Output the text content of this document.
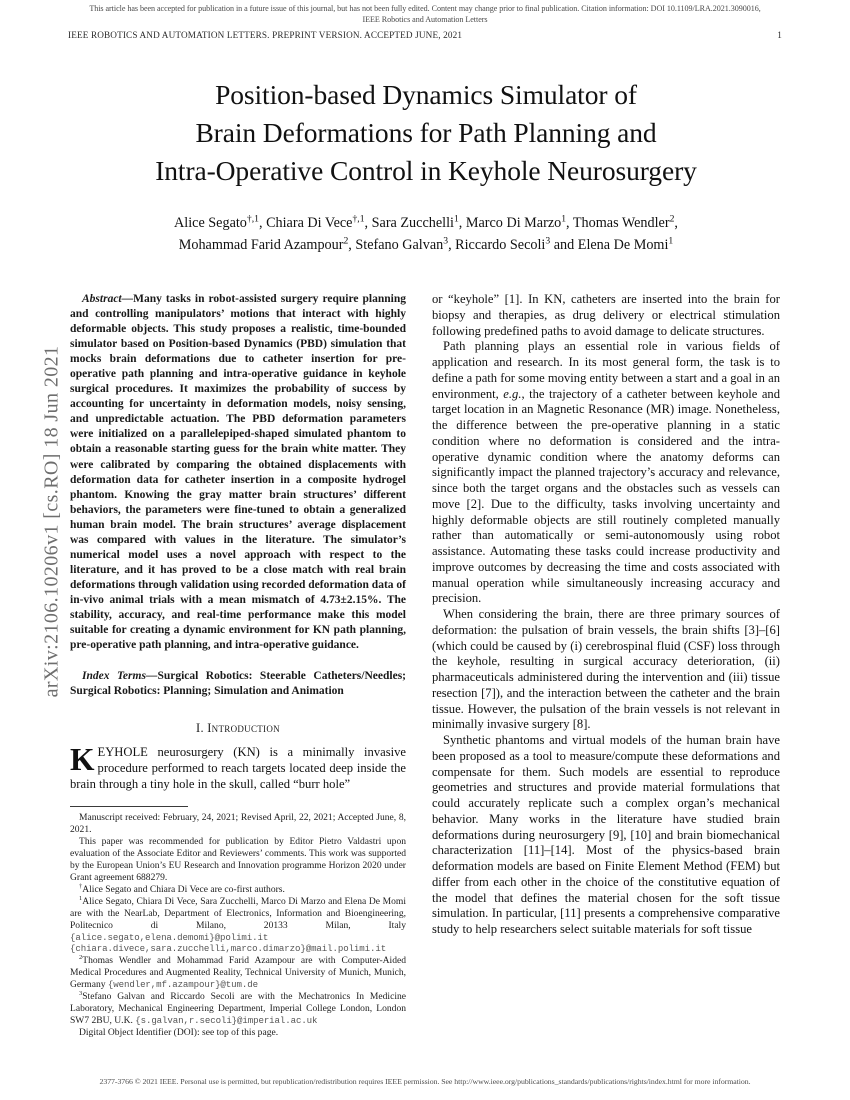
This article has been accepted for publication in a future issue of this journal, but has not been fully edited. Content may change prior to final publication. Citation information: DOI 10.1109/LRA.2021.3090016,
IEEE Robotics and Automation Letters
IEEE ROBOTICS AND AUTOMATION LETTERS. PREPRINT VERSION. ACCEPTED JUNE, 2021	1
arXiv:2106.10206v1 [cs.RO] 18 Jun 2021
Position-based Dynamics Simulator of
Brain Deformations for Path Planning and
Intra-Operative Control in Keyhole Neurosurgery
Alice Segato$^{\dagger,1}$, Chiara Di Vece$^{\dagger,1}$, Sara Zucchelli$^1$, Marco Di Marzo$^1$, Thomas Wendler$^2$,
Mohammad Farid Azampour$^2$, Stefano Galvan$^3$, Riccardo Secoli$^3$ and Elena De Momi$^1$

Abstract—Many tasks in robot-assisted surgery require planning and controlling manipulators’ motions that interact with highly deformable objects. This study proposes a realistic, time-bounded simulator based on Position-based Dynamics (PBD) simulation that mocks brain deformations due to catheter insertion for pre-operative path planning and intra-operative guidance in keyhole surgical procedures. It maximizes the probability of success by accounting for uncertainty in deformation models, noisy sensing, and unpredictable actuation. The PBD deformation parameters were initialized on a parallelepiped-shaped simulated phantom to obtain a reasonable starting guess for the brain white matter. They were calibrated by comparing the obtained displacements with deformation data for catheter insertion in a composite hydrogel phantom. Knowing the gray matter brain structures’ different behaviors, the parameters were fine-tuned to obtain a generalized human brain model. The brain structures’ average displacement was compared with values in the literature. The simulator’s numerical model uses a novel approach with respect to the literature, and it has proved to be a close match with real brain deformations through validation using recorded deformation data of in-vivo animal trials with a mean mismatch of 4.73±2.15%. The stability, accuracy, and real-time performance make this model suitable for creating a dynamic environment for KN path planning, pre-operative path planning, and intra-operative guidance.

Index Terms—Surgical Robotics: Steerable Catheters/Needles; Surgical Robotics: Planning; Simulation and Animation

I. Introduction

KEYHOLE neurosurgery (KN) is a minimally invasive procedure performed to reach targets located deep inside the brain through a tiny hole in the skull, called “burr hole”

Manuscript received: February, 24, 2021; Revised April, 22, 2021; Accepted June, 8, 2021.

This paper was recommended for publication by Editor Pietro Valdastri upon evaluation of the Associate Editor and Reviewers’ comments. This work was supported by the European Union’s EU Research and Innovation programme Horizon 2020 under Grant agreement 688279.

†Alice Segato and Chiara Di Vece are co-first authors.

$^1$Alice Segato, Chiara Di Vece, Sara Zucchelli, Marco Di Marzo and Elena De Momi are with the NearLab, Department of Electronics, Information and Bioengineering, Politecnico di Milano, 20133 Milan, Italy {alice.segato,elena.demomi}@polimi.it {chiara.divece,sara.zucchelli,marco.dimarzo}@mail.polimi.it

$^2$Thomas Wendler and Mohammad Farid Azampour are with Computer-Aided Medical Procedures and Augmented Reality, Technical University of Munich, Munich, Germany {wendler,mf.azampour}@tum.de

$^3$Stefano Galvan and Riccardo Secoli are with the Mechatronics In Medicine Laboratory, Mechanical Engineering Department, Imperial College London, London SW7 2BU, U.K. {s.galvan,r.secoli}@imperial.ac.uk

Digital Object Identifier (DOI): see top of this page.

or “keyhole” [1]. In KN, catheters are inserted into the brain for biopsy and therapies, as drug delivery or electrical stimulation following predefined paths to avoid damage to delicate structures.

Path planning plays an essential role in various fields of application and research. In its most general form, the task is to define a path for some moving entity between a start and a goal in an environment, e.g., the trajectory of a catheter between keyhole and target location in an Magnetic Resonance (MR) image. Nonetheless, the difference between the pre-operative planning in a static condition where no deformation is considered and the intra-operative dynamic condition where the anatomy deforms can significantly impact the planned trajectory’s accuracy and relevance, since both the target organs and the obstacles such as vessels can move [2]. Due to the difficulty, tasks involving uncertainty and highly deformable objects are still routinely completed manually rather than automatically or semi-autonomously using robot assistance. Automating these tasks could increase productivity and improve outcomes by decreasing the time and costs associated with manual operation while simultaneously increasing accuracy and precision.

When considering the brain, there are three primary sources of deformation: the pulsation of brain vessels, the brain shifts [3]–[6] (which could be caused by (i) cerebrospinal fluid (CSF) loss through the keyhole, resulting in surgical accuracy deterioration, (ii) pharmaceuticals administered during the intervention and (iii) tissue resection [7]), and the interaction between the catheter and the brain tissue. However, the pulsation of the brain vessels is not relevant in minimally invasive surgery [8].

Synthetic phantoms and virtual models of the human brain have been proposed as a tool to measure/compute these deformations and compensate for them. Such models are essential to reproduce geometries and structures and provide material formulations that could accurately replicate such a complex organ’s mechanical behavior. Many works in the literature have studied brain deformations during neurosurgery [9], [10] and brain biomechanical characterization [11]–[14]. Most of the physics-based brain deformation models are based on Finite Element Method (FEM) but differ from each other in the choice of the constitutive equation of the model that defines the material chosen for the soft tissue simulation. In particular, [11] presents a comprehensive comparative study to help researchers select suitable materials for soft tissue

2377-3766 © 2021 IEEE. Personal use is permitted, but republication/redistribution requires IEEE permission. See http://www.ieee.org/publications_standards/publications/rights/index.html for more information.
